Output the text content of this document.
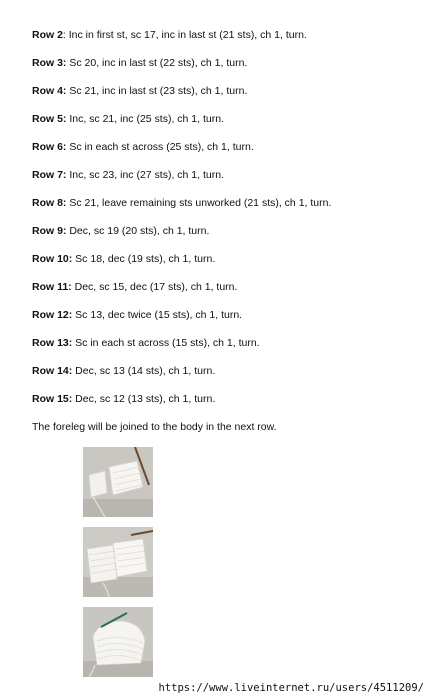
Row 2: Inc in first st, sc 17, inc in last st (21 sts), ch 1, turn.
Row 3: Sc 20, inc in last st (22 sts), ch 1, turn.
Row 4: Sc 21, inc in last st (23 sts), ch 1, turn.
Row 5: Inc, sc 21, inc (25 sts), ch 1, turn.
Row 6: Sc in each st across (25 sts), ch 1, turn.
Row 7: Inc, sc 23, inc (27 sts), ch 1, turn.
Row 8: Sc 21, leave remaining sts unworked (21 sts), ch 1, turn.
Row 9: Dec, sc 19 (20 sts), ch 1, turn.
Row 10: Sc 18, dec (19 sts), ch 1, turn.
Row 11: Dec, sc 15, dec (17 sts), ch 1, turn.
Row 12: Sc 13, dec twice (15 sts), ch 1, turn.
Row 13: Sc in each st across (15 sts), ch 1, turn.
Row 14: Dec, sc 13 (14 sts), ch 1, turn.
Row 15: Dec, sc 12 (13 sts), ch 1, turn.
The foreleg will be joined to the body in the next row.
https://www.liveinternet.ru/users/4511209/
